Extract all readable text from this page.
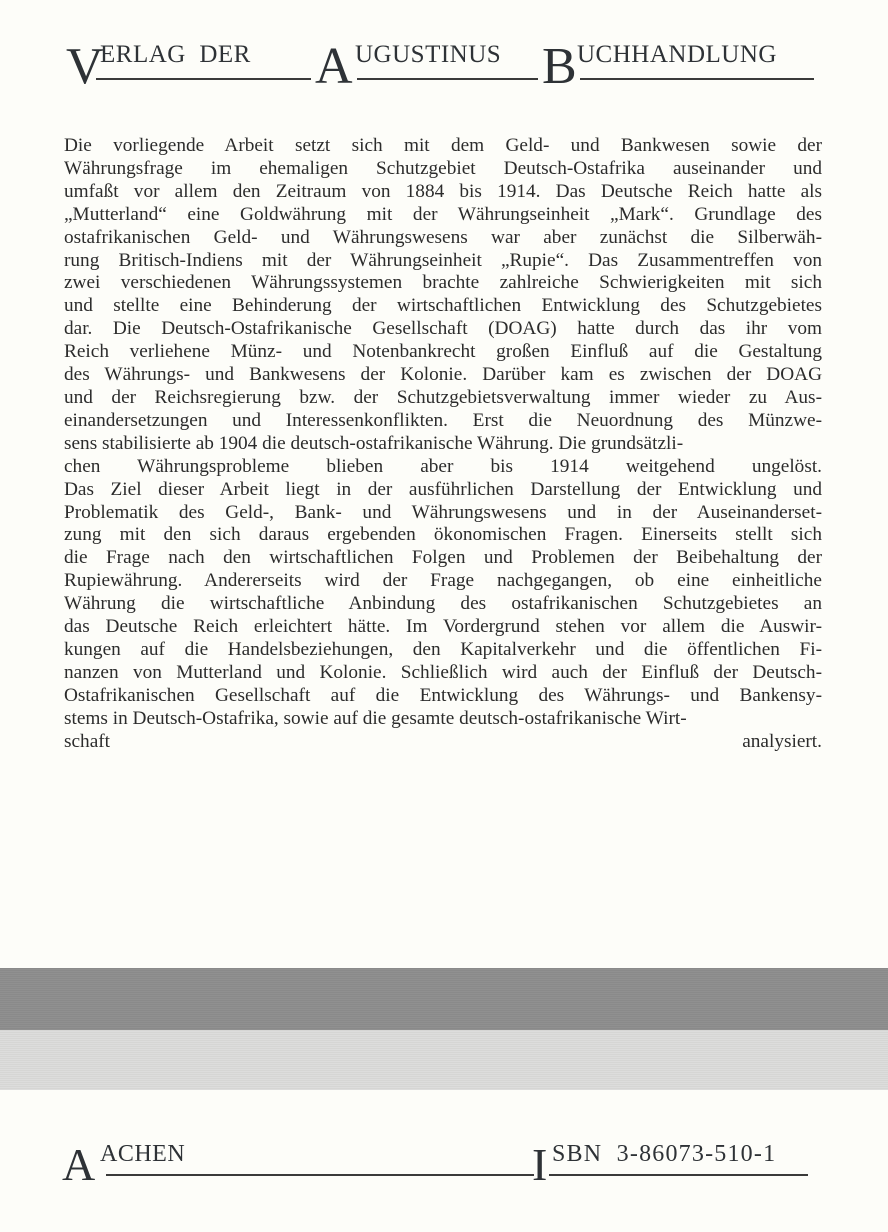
V
ERLAG  DER A UGUSTINUS B UCHHANDLUNG
Die vorliegende Arbeit setzt sich mit dem Geld- und Bankwesen sowie der
Währungsfrage im ehemaligen Schutzgebiet Deutsch-Ostafrika auseinander und
umfaßt vor allem den Zeitraum von 1884 bis 1914. Das Deutsche Reich hatte als
„Mutterland“ eine Goldwährung mit der Währungseinheit „Mark“. Grundlage des
ostafrikanischen Geld- und Währungswesens war aber zunächst die Silberwäh-
rung Britisch-Indiens mit der Währungseinheit „Rupie“. Das Zusammentreffen von
zwei verschiedenen Währungssystemen brachte zahlreiche Schwierigkeiten mit sich
und stellte eine Behinderung der wirtschaftlichen Entwicklung des Schutzgebietes
dar. Die Deutsch-Ostafrikanische Gesellschaft (DOAG) hatte durch das ihr vom
Reich verliehene Münz- und Notenbankrecht großen Einfluß auf die Gestaltung
des Währungs- und Bankwesens der Kolonie. Darüber kam es zwischen der DOAG
und der Reichsregierung bzw. der Schutzgebietsverwaltung immer wieder zu Aus-
einandersetzungen und Interessenkonflikten. Erst die Neuordnung des Münzwe-
sens stabilisierte ab 1904 die deutsch-ostafrikanische Währung. Die grundsätzli-
chen Währungsprobleme blieben aber bis 1914 weitgehend ungelöst.
Das Ziel dieser Arbeit liegt in der ausführlichen Darstellung der Entwicklung und
Problematik des Geld-, Bank- und Währungswesens und in der Auseinanderset-
zung mit den sich daraus ergebenden ökonomischen Fragen. Einerseits stellt sich
die Frage nach den wirtschaftlichen Folgen und Problemen der Beibehaltung der
Rupiewährung. Andererseits wird der Frage nachgegangen, ob eine einheitliche
Währung die wirtschaftliche Anbindung des ostafrikanischen Schutzgebietes an
das Deutsche Reich erleichtert hätte. Im Vordergrund stehen vor allem die Auswir-
kungen auf die Handelsbeziehungen, den Kapitalverkehr und die öffentlichen Fi-
nanzen von Mutterland und Kolonie. Schließlich wird auch der Einfluß der Deutsch-
Ostafrikanischen Gesellschaft auf die Entwicklung des Währungs- und Bankensy-
stems in Deutsch-Ostafrika, sowie auf die gesamte deutsch-ostafrikanische Wirt-
schaft analysiert.
A ACHEN	I SBN  3-86073-510-1
